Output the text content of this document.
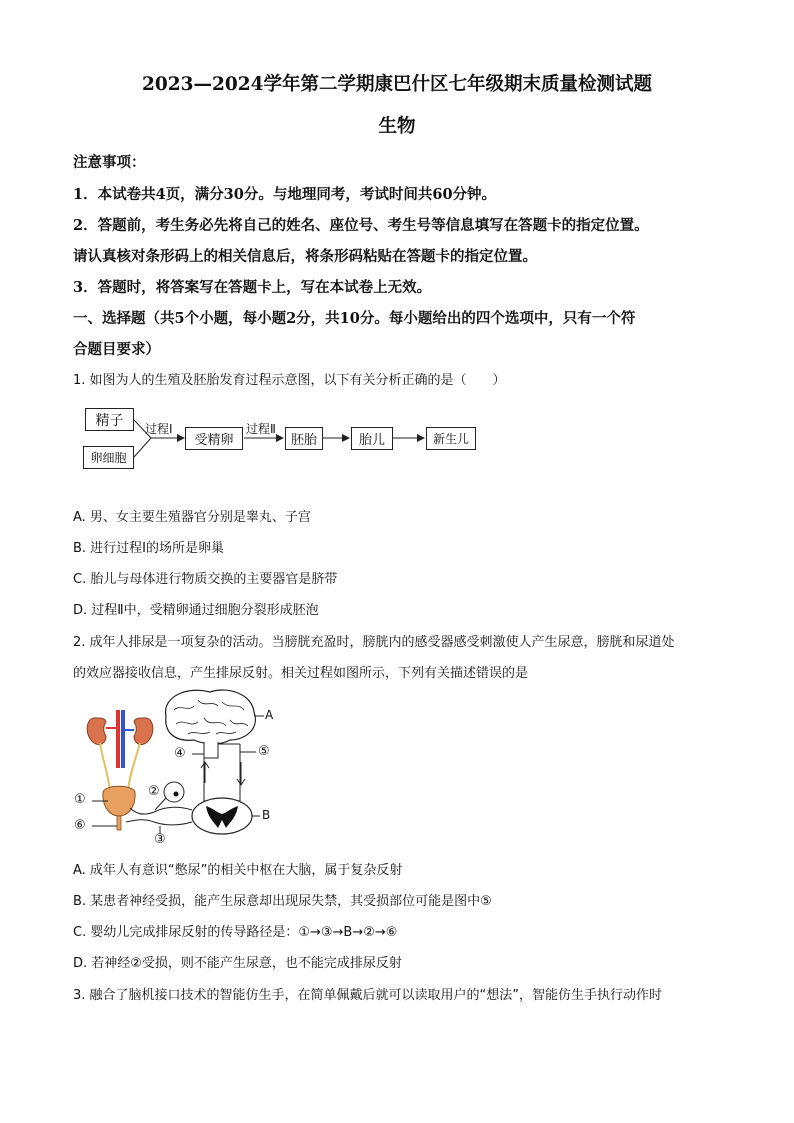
2023—2024学年第二学期康巴什区七年级期末质量检测试题
生物
注意事项：
1．本试卷共4页，满分30分。与地理同考，考试时间共60分钟。
2．答题前，考生务必先将自己的姓名、座位号、考生号等信息填写在答题卡的指定位置。
请认真核对条形码上的相关信息后，将条形码粘贴在答题卡的指定位置。
3．答题时，将答案写在答题卡上，写在本试卷上无效。
一、选择题（共5个小题，每小题2分，共10分。每小题给出的四个选项中，只有一个符
合题目要求）
1. 如图为人的生殖及胚胎发育过程示意图，以下有关分析正确的是（　　）
精子
卵细胞
过程Ⅰ
受精卵
过程Ⅱ
胚胎	胎儿	新生儿
A. 男、女主要生殖器官分别是睾丸、子宫
B. 进行过程Ⅰ的场所是卵巢
C. 胎儿与母体进行物质交换的主要器官是脐带
D. 过程Ⅱ中，受精卵通过细胞分裂形成胚泡
2. 成年人排尿是一项复杂的活动。当膀胱充盈时，膀胱内的感受器感受刺激使人产生尿意，膀胱和尿道处
的效应器接收信息，产生排尿反射。相关过程如图所示，下列有关描述错误的是
A
B
①
②
③
④	⑤
⑥
A. 成年人有意识“憋尿”的相关中枢在大脑，属于复杂反射
B. 某患者神经受损，能产生尿意却出现尿失禁，其受损部位可能是图中⑤
C. 婴幼儿完成排尿反射的传导路径是：①→③→B→②→⑥
D. 若神经②受损，则不能产生尿意，也不能完成排尿反射
3. 融合了脑机接口技术的智能仿生手，在简单佩戴后就可以读取用户的“想法”，智能仿生手执行动作时
